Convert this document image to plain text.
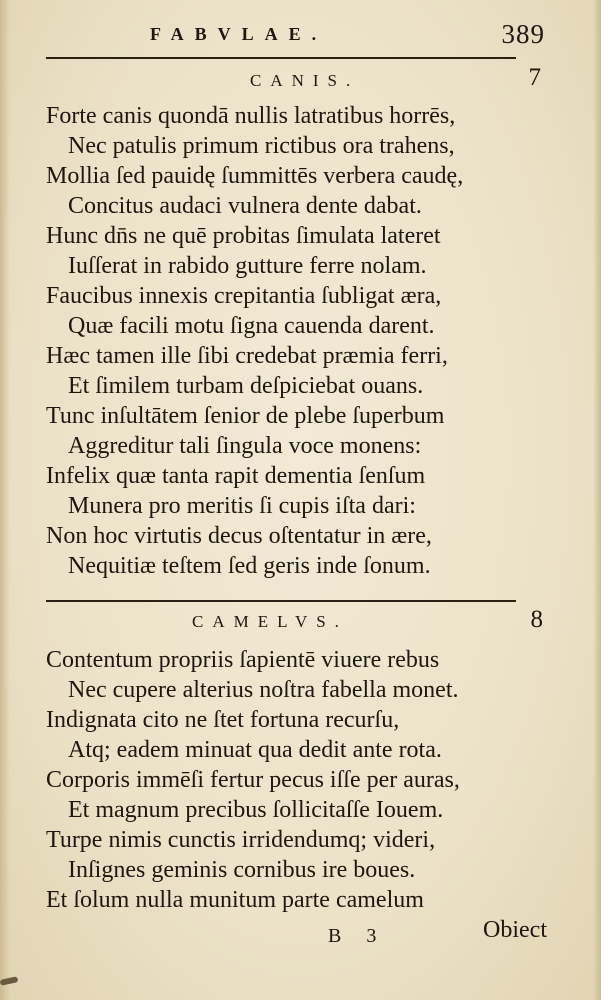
FABVLAE.	389
CANIS.	7
Forte canis quondā nullis latratibus horrēs,
Nec patulis primum rictibus ora trahens,
Mollia ſed pauidę ſummittēs verbera caudę,
Concitus audaci vulnera dente dabat.
Hunc dn̄s ne quē probitas ſimulata lateret
Iuſſerat in rabido gutture ferre nolam.
Faucibus innexis crepitantia ſubligat æra,
Quæ facili motu ſigna cauenda darent.
Hæc tamen ille ſibi credebat præmia ferri,
Et ſimilem turbam deſpiciebat ouans.
Tunc inſultātem ſenior de plebe ſuperbum
Aggreditur tali ſingula voce monens:
Infelix quæ tanta rapit dementia ſenſum
Munera pro meritis ſi cupis iſta dari:
Non hoc virtutis decus oſtentatur in ære,
Nequitiæ teſtem ſed geris inde ſonum.
CAMELVS.	8
Contentum propriis ſapientē viuere rebus
Nec cupere alterius noſtra fabella monet.
Indignata cito ne ſtet fortuna recurſu,
Atq; eadem minuat qua dedit ante rota.
Corporis immēſi fertur pecus iſſe per auras,
Et magnum precibus ſollicitaſſe Iouem.
Turpe nimis cunctis irridendumq; videri,
Inſignes geminis cornibus ire boues.
Et ſolum nulla munitum parte camelum
B 3	Obiect
